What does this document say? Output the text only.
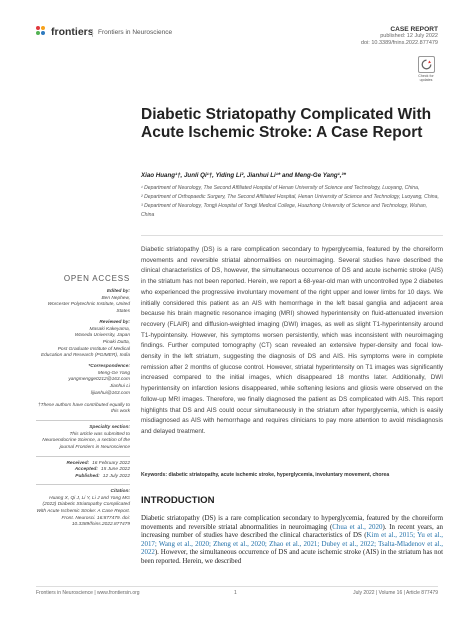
frontiers Frontiers in Neuroscience	CASE REPORT
published: 12 July 2022
doi: 10.3389/fnins.2022.877479
Check for updates
Diabetic Striatopathy Complicated With Acute Ischemic Stroke: A Case Report
Xiao Huang¹†, Junli Qi¹†, Yiding Li², Jianhui Li¹* and Meng-Ge Yang¹,³*

¹ Department of Neurology, The Second Affiliated Hospital of Henan University of Science and Technology, Luoyang, China,

² Department of Orthopaedic Surgery, The Second Affiliated Hospital, Henan University of Science and Technology, Luoyang, China,

³ Department of Neurology, Tongji Hospital of Tongji Medical College, Huazhong University of Science and Technology, Wuhan, China

Diabetic striatopathy (DS) is a rare complication secondary to hyperglycemia, featured by the choreiform movements and reversible striatal abnormalities on neuroimaging. Several studies have described the clinical characteristics of DS, however, the simultaneous occurrence of DS and acute ischemic stroke (AIS) in the striatum has not been reported. Herein, we report a 68-year-old man with uncontrolled type 2 diabetes who experienced the progressive involuntary movement of the right upper and lower limbs for 10 days. We initially considered this patient as an AIS with hemorrhage in the left basal ganglia and adjacent area because his brain magnetic resonance imaging (MRI) showed hyperintensity on fluid-attenuated inversion recovery (FLAIR) and diffusion-weighted imaging (DWI) images, as well as slight T1-hyperintensity around T1-hypointensity. However, his symptoms worsen persistently, which was inconsistent with neuroimaging findings. Further computed tomography (CT) scan revealed an extensive hyper-density and focal low-density in the left striatum, suggesting the diagnosis of DS and AIS. His symptoms were in complete remission after 2 months of glucose control. However, striatal hyperintensity on T1 images was significantly increased compared to the initial images, which disappeared 18 months later. Additionally, DWI hyperintensity on infarction lesions disappeared, while softening lesions and gliosis were observed on the follow-up MRI images. Therefore, we finally diagnosed the patient as DS complicated with AIS. This report highlights that DS and AIS could occur simultaneously in the striatum after hyperglycemia, which is easily misdiagnosed as AIS with hemorrhage and requires clinicians to pay more attention to avoid misdiagnosis and delayed treatment.

OPEN ACCESS
Edited by:
Ben Nephew,
Worcester Polytechnic Institute, United States
Reviewed by:
Masaki Kakeyama,
Waseda University, Japan
Pinaki Dutta,
Post Graduate Institute of Medical Education and Research (PGIMER), India
*Correspondence:
Meng-Ge Yang
yangmengge0212@163.com
Jianhui Li
lijianhui@163.com
†These authors have contributed equally to this work
Specialty section:
This article was submitted to Neuroendocrine Science, a section of the journal Frontiers in Neuroscience
Received: 16 February 2022
Accepted: 15 June 2022
Published: 12 July 2022
Citation:
Huang X, Qi J, Li Y, Li J and Yang MG (2022) Diabetic Striatopathy Complicated With Acute Ischemic Stroke: A Case Report. Front. Neurosci. 16:877479. doi: 10.3389/fnins.2022.877479
Keywords: diabetic striatopathy, acute ischemic stroke, hyperglycemia, involuntary movement, chorea
INTRODUCTION

Diabetic striatopathy (DS) is a rare complication secondary to hyperglycemia, featured by the choreiform movements and reversible striatal abnormalities in neuroimaging (Chua et al., 2020). In recent years, an increasing number of studies have described the clinical characteristics of DS (Kim et al., 2015; Yu et al., 2017; Wang et al., 2020; Zheng et al., 2020; Zhao et al., 2021; Dubey et al., 2022; Tsalta-Mladenov et al., 2022). However, the simultaneous occurrence of DS and acute ischemic stroke (AIS) in the striatum has not been reported. Herein, we described

Frontiers in Neuroscience | www.frontiersin.org	1	July 2022 | Volume 16 | Article 877479
